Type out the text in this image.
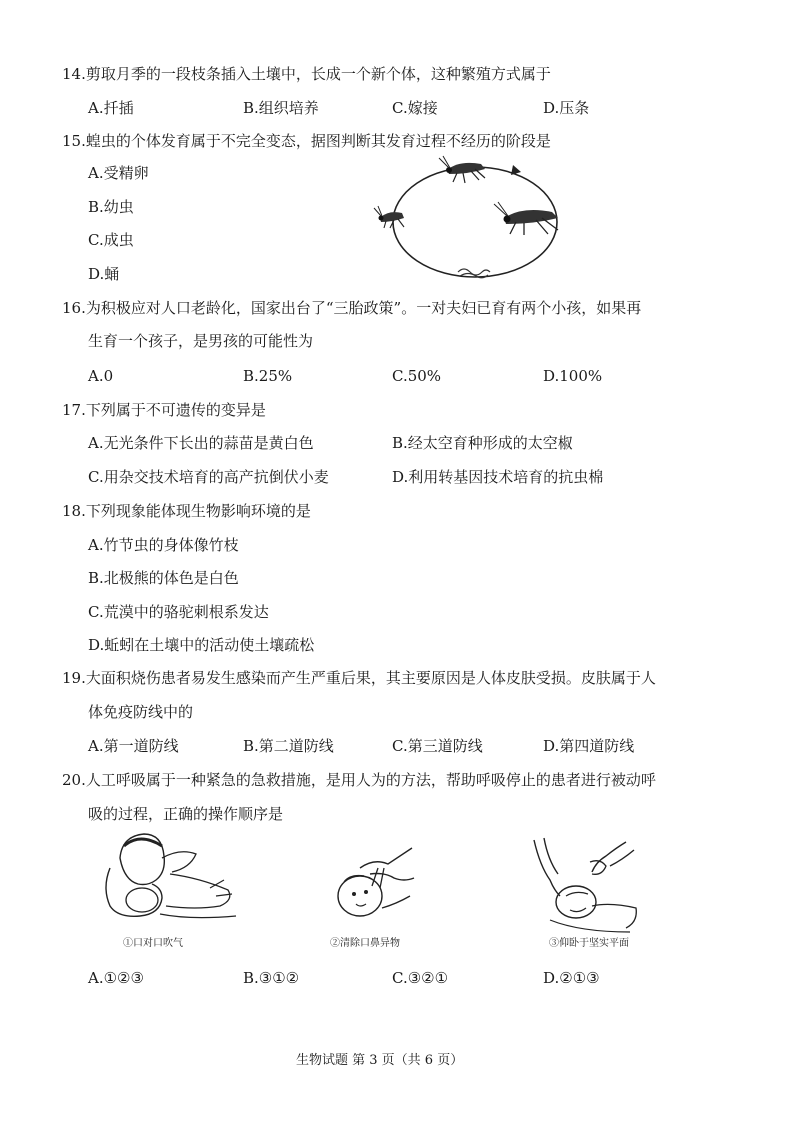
14.剪取月季的一段枝条插入土壤中，长成一个新个体，这种繁殖方式属于
A.扦插	B.组织培养	C.嫁接	D.压条
15.蝗虫的个体发育属于不完全变态，据图判断其发育过程不经历的阶段是
A.受精卵
B.幼虫
C.成虫
D.蛹
16.为积极应对人口老龄化，国家出台了“三胎政策”。一对夫妇已育有两个小孩，如果再
生育一个孩子，是男孩的可能性为
A.0	B.25%	C.50%	D.100%
17.下列属于不可遗传的变异是
A.无光条件下长出的蒜苗是黄白色	B.经太空育种形成的太空椒
C.用杂交技术培育的高产抗倒伏小麦	D.利用转基因技术培育的抗虫棉
18.下列现象能体现生物影响环境的是
A.竹节虫的身体像竹枝
B.北极熊的体色是白色
C.荒漠中的骆驼刺根系发达
D.蚯蚓在土壤中的活动使土壤疏松
19.大面积烧伤患者易发生感染而产生严重后果，其主要原因是人体皮肤受损。皮肤属于人
体免疫防线中的
A.第一道防线	B.第二道防线	C.第三道防线	D.第四道防线
20.人工呼吸属于一种紧急的急救措施，是用人为的方法，帮助呼吸停止的患者进行被动呼
吸的过程，正确的操作顺序是
①口对口吹气	②清除口鼻异物	③仰卧于坚实平面
A.①②③	B.③①②	C.③②①	D.②①③
生物试题 第 3 页（共 6 页）
